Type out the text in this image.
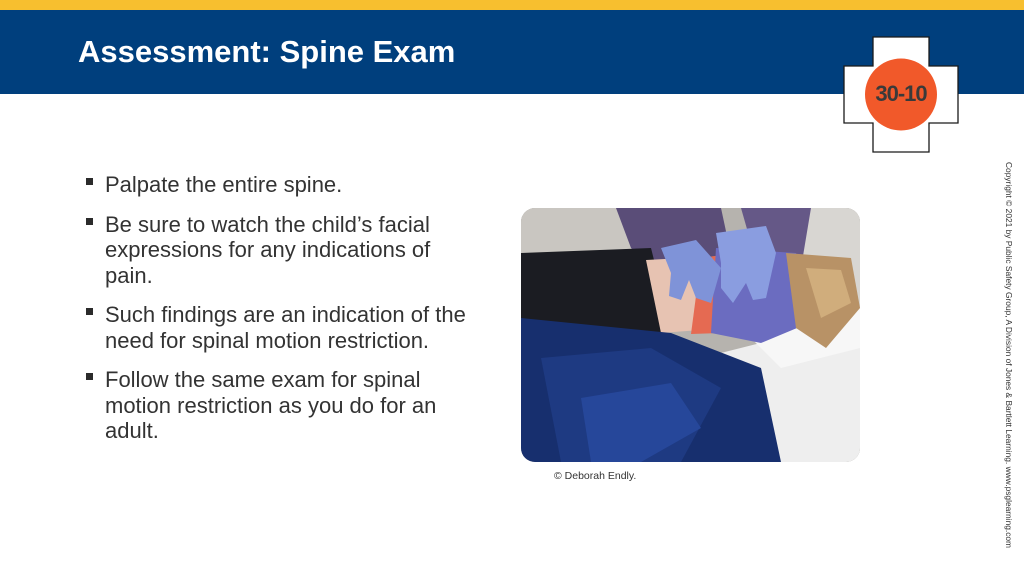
Assessment: Spine Exam
30-10
Palpate the entire spine.
Be sure to watch the child’s facial expressions for any indications of pain.
Such findings are an indication of the need for spinal motion restriction.
Follow the same exam for spinal motion restriction as you do for an adult.

© Deborah Endly.	Copyright © 2021 by Public Safety Group, A Division of Jones & Bartlett Learning. www.psglearning.com
